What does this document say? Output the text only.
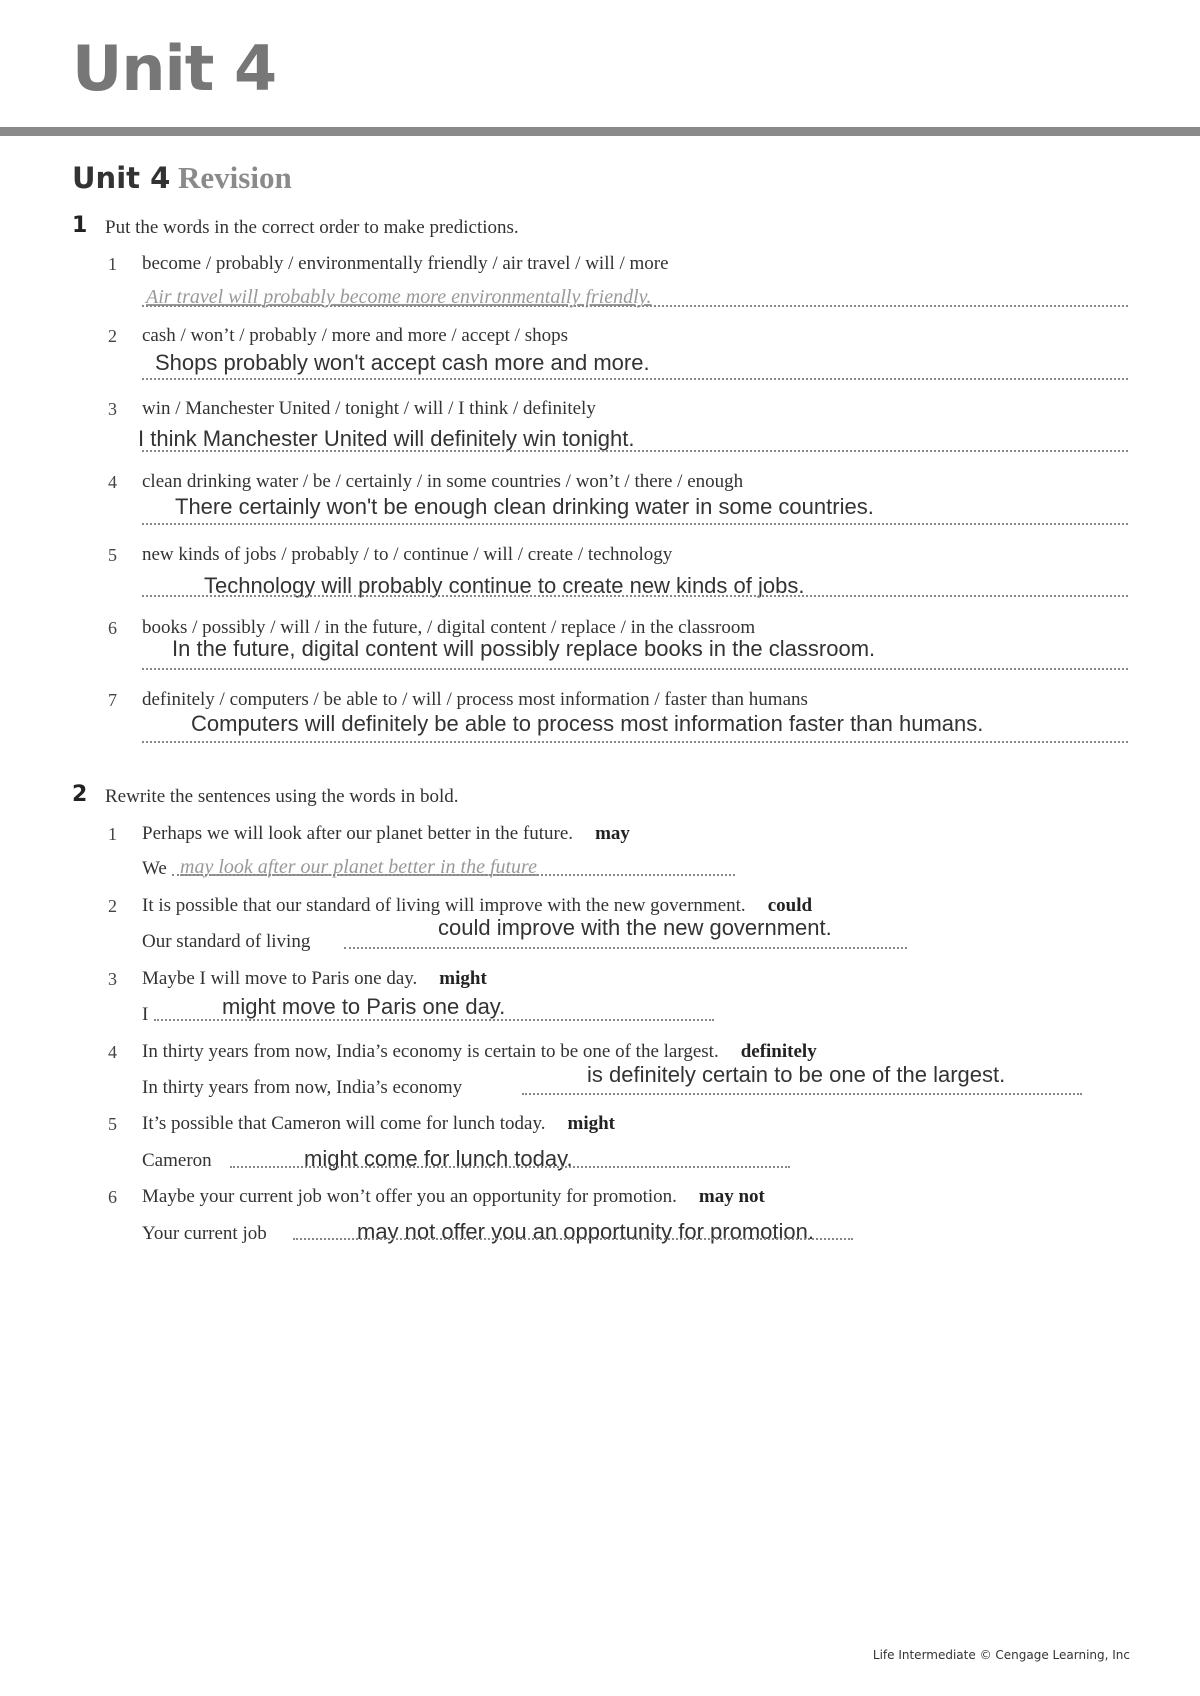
Unit 4
Unit 4 Revision
1 Put the words in the correct order to make predictions.
1 become / probably / environmentally friendly / air travel / will / more
Air travel will probably become more environmentally friendly.
2 cash / won’t / probably / more and more / accept / shops
Shops probably won't accept cash more and more.
3 win / Manchester United / tonight / will / I think / definitely
I think Manchester United will definitely win tonight.
4 clean drinking water / be / certainly / in some countries / won’t / there / enough
There certainly won't be enough clean drinking water in some countries.
5 new kinds of jobs / probably / to / continue / will / create / technology
Technology will probably continue to create new kinds of jobs.
6 books / possibly / will / in the future, / digital content / replace / in the classroom
In the future, digital content will possibly replace books in the classroom.
7 definitely / computers / be able to / will / process most information / faster than humans
Computers will definitely be able to process most information faster than humans.
2 Rewrite the sentences using the words in bold.
1 Perhaps we will look after our planet better in the future. may
We may look after our planet better in the future
2 It is possible that our standard of living will improve with the new government. could
Our standard of living
could improve with the new government.
3 Maybe I will move to Paris one day. might
I	might move to Paris one day.
4 In thirty years from now, India’s economy is certain to be one of the largest. definitely
In thirty years from now, India’s economy
is definitely certain to be one of the largest.
5 It’s possible that Cameron will come for lunch today. might
Cameron	might come for lunch today.
6 Maybe your current job won’t offer you an opportunity for promotion. may not
Your current job	may not offer you an opportunity for promotion.
Life Intermediate © Cengage Learning, Inc
